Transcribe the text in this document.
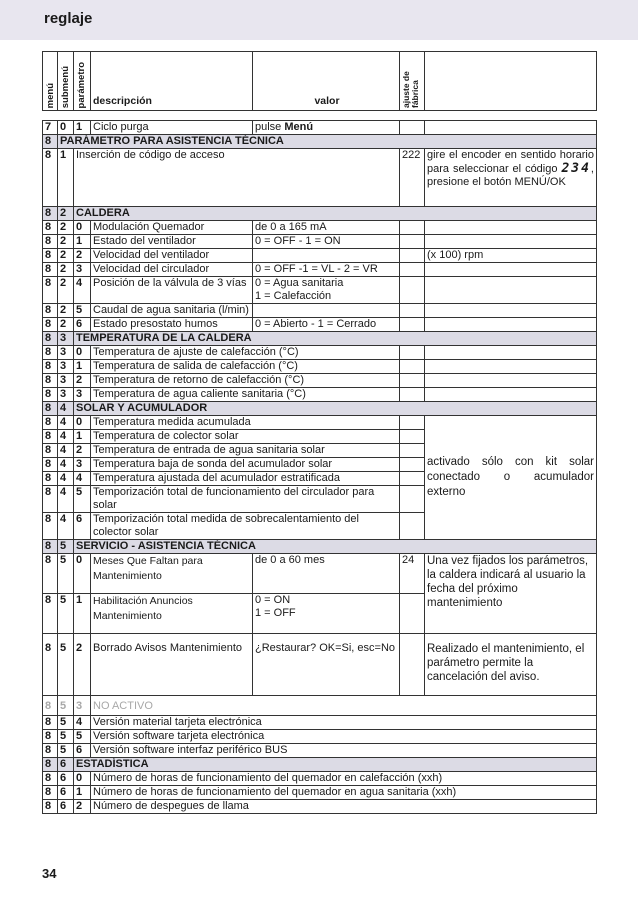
reglaje
menú	submenú	parámetro	descripción	valor	ajuste de fábrica

7	0	1	Ciclo purga	pulse Menú		
8	PARÁMETRO PARA ASISTENCIA TÉCNICA					
8	1	Inserción de código de acceso			222	gire el encoder en sentido horario para seleccionar el código 234, presione el botón MENÚ/OK
8	2	CALDERA				
8	2	0	Modulación Quemador	de 0 a 165 mA		
8	2	1	Estado del ventilador	0 = OFF - 1 = ON		
8	2	2	Velocidad del ventilador			(x 100) rpm
8	2	3	Velocidad del circulador	0 = OFF -1 = VL - 2 = VR		
8	2	4	Posición de la válvula de 3 vías	0 = Agua sanitaria
1 = Calefacción		

8	2	5	Caudal de agua sanitaria (l/min)			
8	2	6	Estado presostato humos	0 = Abierto - 1 = Cerrado		
8	3	TEMPERATURA DE LA CALDERA				
8	3	0	Temperatura de ajuste de calefacción (°C)			
8	3	1	Temperatura de salida de calefacción (°C)			
8	3	2	Temperatura de retorno de calefacción (°C)			
8	3	3	Temperatura de agua caliente sanitaria (°C)			
8	4	SOLAR Y ACUMULADOR				
8	4	0	Temperatura medida acumulada			activado sólo con kit solar conectado o acumulador externo
8	4	1	Temperatura de colector solar			
8	4	2	Temperatura de entrada de agua sanitaria solar			
8	4	3	Temperatura baja de sonda del acumulador solar			
8	4	4	Temperatura ajustada del acumulador estratificada			
8	4	5	Temporización total de funcionamiento del circulador para solar			
8	4	6	Temporización total medida de sobrecalentamiento del colector solar			
8	5	SERVICIO - ASISTENCIA TÉCNICA				
8	5	0	Meses Que Faltan para Mantenimiento	de 0 a 60 mes	24	Una vez fijados los parámetros, la caldera indicará al usuario la fecha del próximo mantenimiento
8	5	1	Habilitación Anuncios Mantenimiento	0 = ON
1 = OFF		

8	5	2	Borrado Avisos Mantenimiento	¿Restaurar? OK=Si, esc=No		Realizado el mantenimiento, el parámetro permite la cancelación del aviso.
8	5	3	NO ACTIVO			
8	5	4	Versión material tarjeta electrónica			
8	5	5	Versión software tarjeta electrónica			
8	5	6	Versión software interfaz periférico BUS			
8	6	ESTADÍSTICA				
8	6	0	Número de horas de funcionamiento del quemador en calefacción (xxh)			
8	6	1	Número de horas de funcionamiento del quemador en agua sanitaria (xxh)			
8	6	2	Número de despegues de llama			
34
